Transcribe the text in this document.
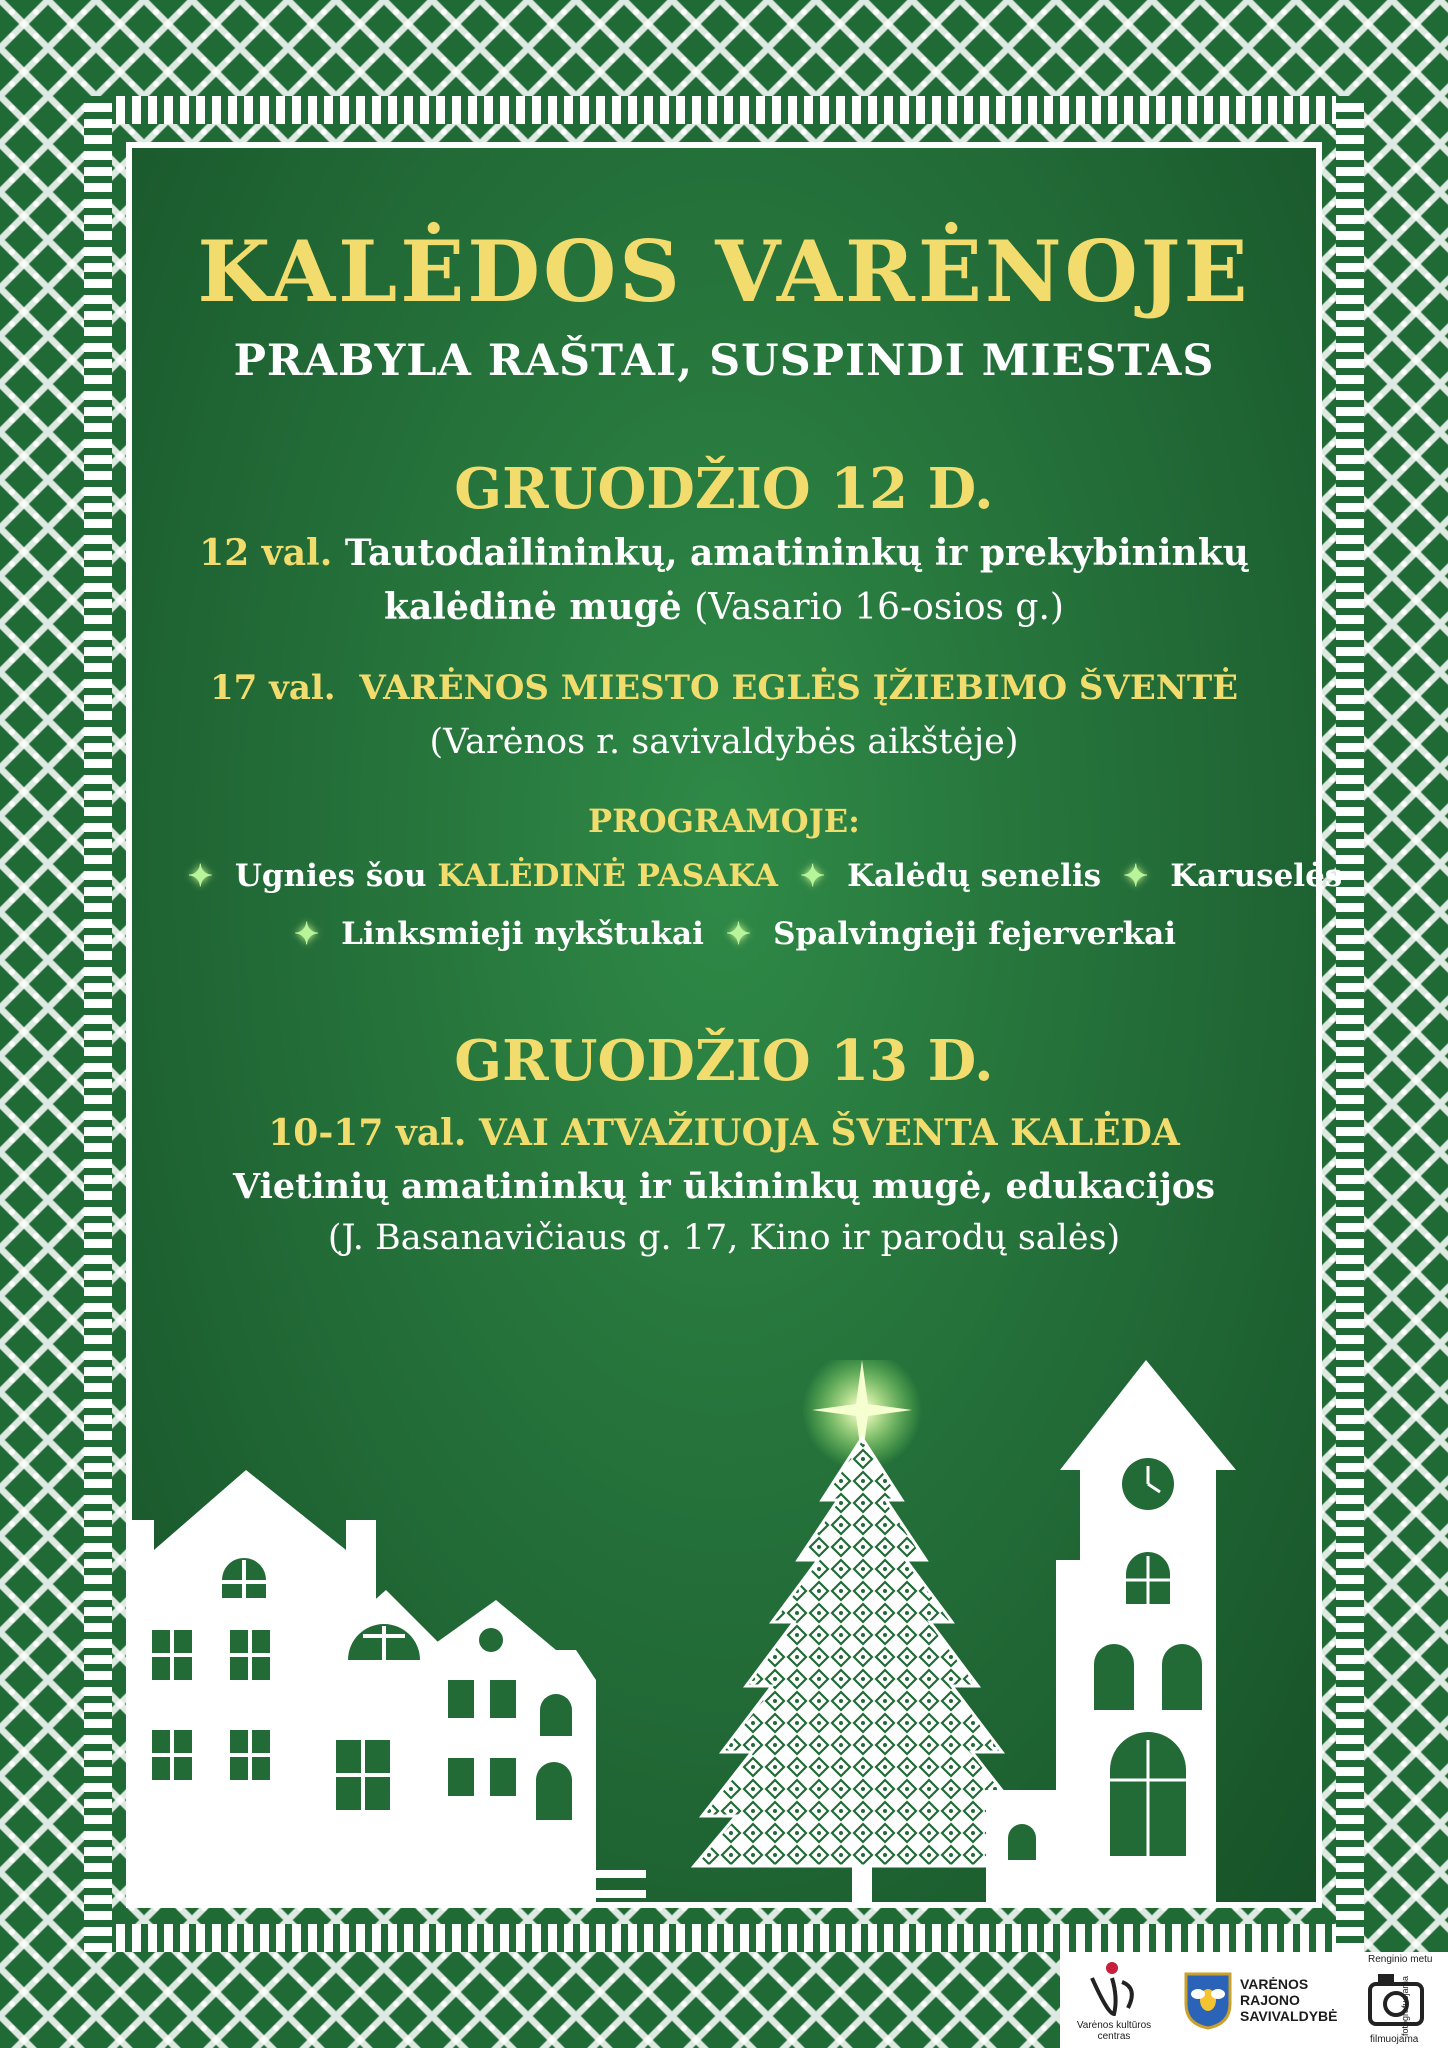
KALĖDOS VARĖNOJE
PRABYLA RAŠTAI, SUSPINDI MIESTAS
GRUODŽIO 12 D.
12 val. Tautodailininkų, amatininkų ir prekybininkų
kalėdinė mugė (Vasario 16-osios g.)
17 val. VARĖNOS MIESTO EGLĖS ĮŽIEBIMO ŠVENTĖ
(Varėnos r. savivaldybės aikštėje)
PROGRAMOJE:
✦ Ugnies šou KALĖDINĖ PASAKA ✦ Kalėdų senelis ✦ Karuselės
✦ Linksmieji nykštukai ✦ Spalvingieji fejerverkai
GRUODŽIO 13 D.
10-17 val. VAI ATVAŽIUOJA ŠVENTA KALĖDA
Vietinių amatininkų ir ūkininkų mugė, edukacijos
(J. Basanavičiaus g. 17, Kino ir parodų salės)
Varėnos kultūros centras
VARĖNOS
RAJONO
SAVIVALDYBĖ
Renginio metu
filmuojama
fotografuojama
